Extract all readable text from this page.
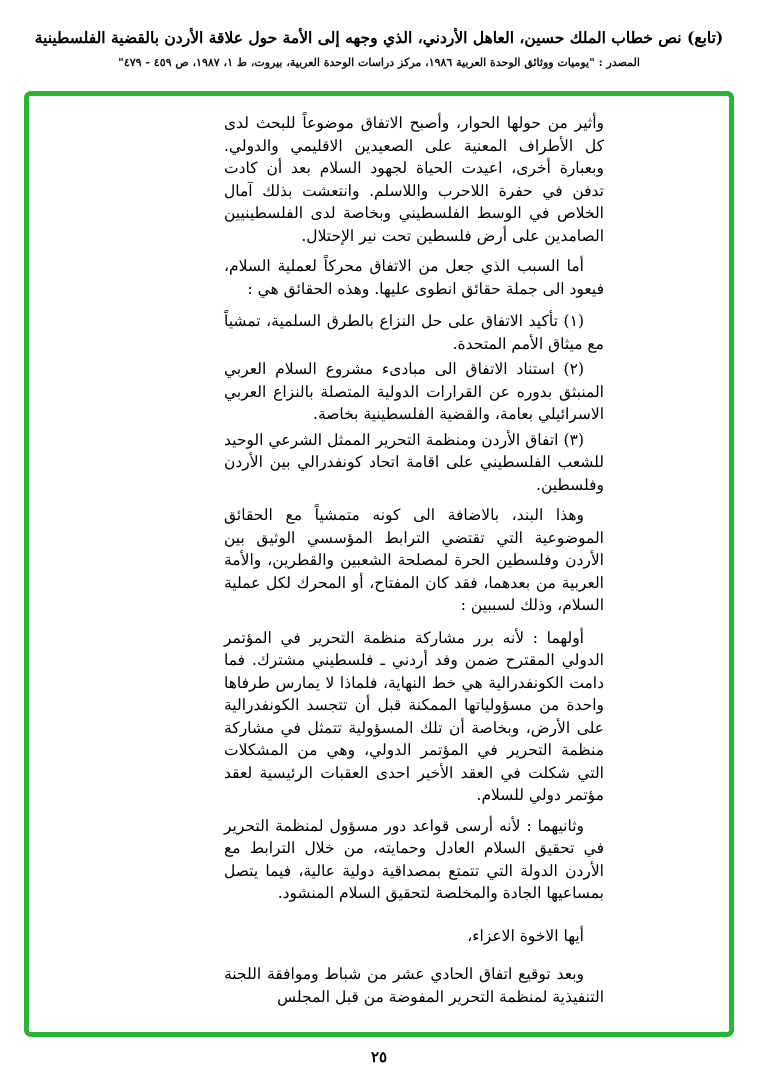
(تابع) نص خطاب الملك حسين، العاهل الأردني، الذي وجهه إلى الأمة حول علاقة الأردن بالقضية الفلسطينية
المصدر : "يوميات ووثائق الوحدة العربية ١٩٨٦، مركز دراسات الوحدة العربية، بيروت، ط ١، ١٩٨٧، ص ٤٥٩ - ٤٧٩"

وأثير من حولها الحوار، وأصبح الاتفاق موضوعاً للبحث لدى كل الأطراف المعنية على الصعيدين الاقليمي والدولي. وبعبارة أخرى، اعيدت الحياة لجهود السلام بعد أن كادت تدفن في حفرة اللاحرب واللاسلم. وانتعشت بذلك آمال الخلاص في الوسط الفلسطيني وبخاصة لدى الفلسطينيين الصامدين على أرض فلسطين تحت نير الإحتلال.

أما السبب الذي جعل من الاتفاق محركاً لعملية السلام، فيعود الى جملة حقائق انطوى عليها. وهذه الحقائق هي :

(١) تأكيد الاتفاق على حل النزاع بالطرق السلمية، تمشياً مع ميثاق الأمم المتحدة.

(٢) استناد الاتفاق الى مبادىء مشروع السلام العربي المنبثق بدوره عن القرارات الدولية المتصلة بالنزاع العربي الاسرائيلي بعامة، والقضية الفلسطينية بخاصة.

(٣) اتفاق الأردن ومنظمة التحرير الممثل الشرعي الوحيد للشعب الفلسطيني على اقامة اتحاد كونفدرالي بين الأردن وفلسطين.

وهذا البند، بالاضافة الى كونه متمشياً مع الحقائق الموضوعية التي تقتضي الترابط المؤسسي الوثيق بين الأردن وفلسطين الحرة لمصلحة الشعبين والقطرين، والأمة العربية من بعدهما، فقد كان المفتاح، أو المحرك لكل عملية السلام، وذلك لسببين :

أولهما : لأنه برر مشاركة منظمة التحرير في المؤتمر الدولي المقترح ضمن وفد أردني ـ فلسطيني مشترك. فما دامت الكونفدرالية هي خط النهاية، فلماذا لا يمارس طرفاها واحدة من مسؤولياتها الممكنة قبل أن تتجسد الكونفدرالية على الأرض، وبخاصة أن تلك المسؤولية تتمثل في مشاركة منظمة التحرير في المؤتمر الدولي، وهي من المشكلات التي شكلت في العقد الأخير احدى العقبات الرئيسية لعقد مؤتمر دولي للسلام.

وثانيهما : لأنه أرسى قواعد دور مسؤول لمنظمة التحرير في تحقيق السلام العادل وحمايته، من خلال الترابط مع الأردن الدولة التي تتمتع بمصداقية دولية عالية، فيما يتصل بمساعيها الجادة والمخلصة لتحقيق السلام المنشود.

أيها الاخوة الاعزاء،

وبعد توقيع اتفاق الحادي عشر من شباط وموافقة اللجنة التنفيذية لمنظمة التحرير المفوضة من قبل المجلس

٢٥
